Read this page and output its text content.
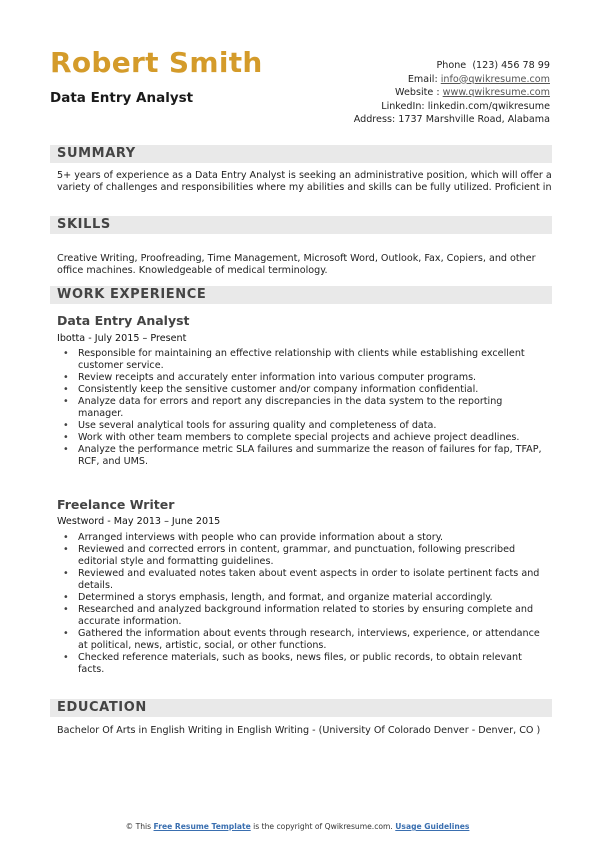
Robert Smith
Data Entry Analyst
Phone (123) 456 78 99
Email: info@qwikresume.com
Website : www.qwikresume.com
LinkedIn: linkedin.com/qwikresume
Address: 1737 Marshville Road, Alabama
SUMMARY
5+ years of experience as a Data Entry Analyst is seeking an administrative position, which will offer a variety of challenges and responsibilities where my abilities and skills can be fully utilized. Proficient in
SKILLS
Creative Writing, Proofreading, Time Management, Microsoft Word, Outlook, Fax, Copiers, and other office machines. Knowledgeable of medical terminology.
WORK EXPERIENCE
Data Entry Analyst
Ibotta - July 2015 – Present
• Responsible for maintaining an effective relationship with clients while establishing excellent customer service.
• Review receipts and accurately enter information into various computer programs.
• Consistently keep the sensitive customer and/or company information confidential.
• Analyze data for errors and report any discrepancies in the data system to the reporting manager.
• Use several analytical tools for assuring quality and completeness of data.
• Work with other team members to complete special projects and achieve project deadlines.
• Analyze the performance metric SLA failures and summarize the reason of failures for fap, TFAP, RCF, and UMS.
Freelance Writer
Westword - May 2013 – June 2015
• Arranged interviews with people who can provide information about a story.
• Reviewed and corrected errors in content, grammar, and punctuation, following prescribed editorial style and formatting guidelines.
• Reviewed and evaluated notes taken about event aspects in order to isolate pertinent facts and details.
• Determined a storys emphasis, length, and format, and organize material accordingly.
• Researched and analyzed background information related to stories by ensuring complete and accurate information.
• Gathered the information about events through research, interviews, experience, or attendance at political, news, artistic, social, or other functions.
• Checked reference materials, such as books, news files, or public records, to obtain relevant facts.
EDUCATION
Bachelor Of Arts in English Writing in English Writing - (University Of Colorado Denver - Denver, CO )
© This Free Resume Template is the copyright of Qwikresume.com. Usage Guidelines
